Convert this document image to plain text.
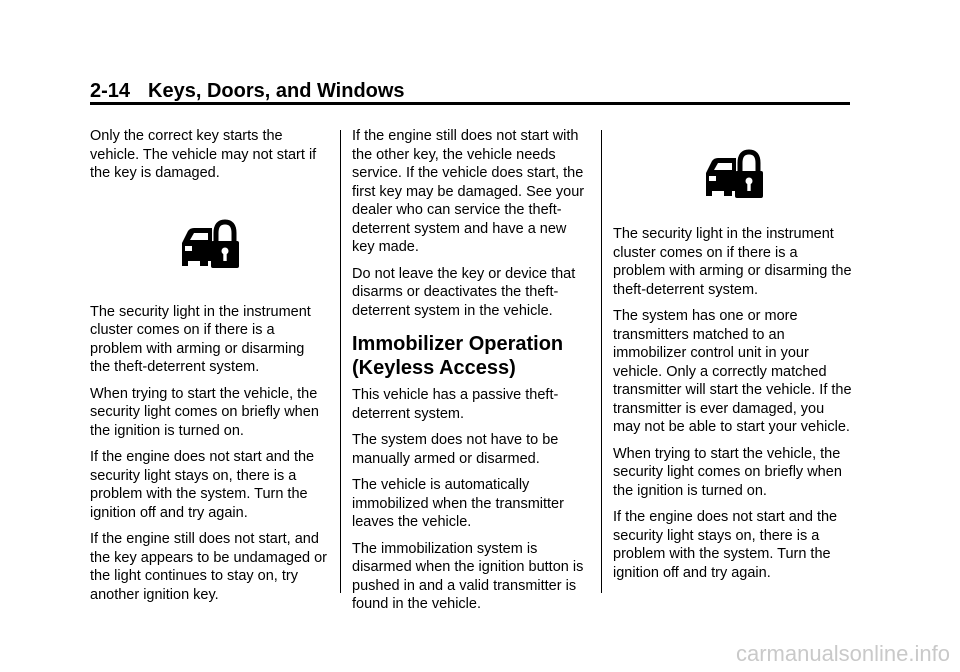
2-14 Keys, Doors, and Windows

Only the correct key starts the vehicle. The vehicle may not start if the key is damaged.

The security light in the instrument cluster comes on if there is a problem with arming or disarming the theft-deterrent system.

When trying to start the vehicle, the security light comes on briefly when the ignition is turned on.

If the engine does not start and the security light stays on, there is a problem with the system. Turn the ignition off and try again.

If the engine still does not start, and the key appears to be undamaged or the light continues to stay on, try another ignition key.

If the engine still does not start with the other key, the vehicle needs service. If the vehicle does start, the first key may be damaged. See your dealer who can service the theft-deterrent system and have a new key made.

Do not leave the key or device that disarms or deactivates the theft-deterrent system in the vehicle.

Immobilizer Operation (Keyless Access)

This vehicle has a passive theft-deterrent system.

The system does not have to be manually armed or disarmed.

The vehicle is automatically immobilized when the transmitter leaves the vehicle.

The immobilization system is disarmed when the ignition button is pushed in and a valid transmitter is found in the vehicle.

The security light in the instrument cluster comes on if there is a problem with arming or disarming the theft-deterrent system.

The system has one or more transmitters matched to an immobilizer control unit in your vehicle. Only a correctly matched transmitter will start the vehicle. If the transmitter is ever damaged, you may not be able to start your vehicle.

When trying to start the vehicle, the security light comes on briefly when the ignition is turned on.

If the engine does not start and the security light stays on, there is a problem with the system. Turn the ignition off and try again.

carmanualsonline.info
